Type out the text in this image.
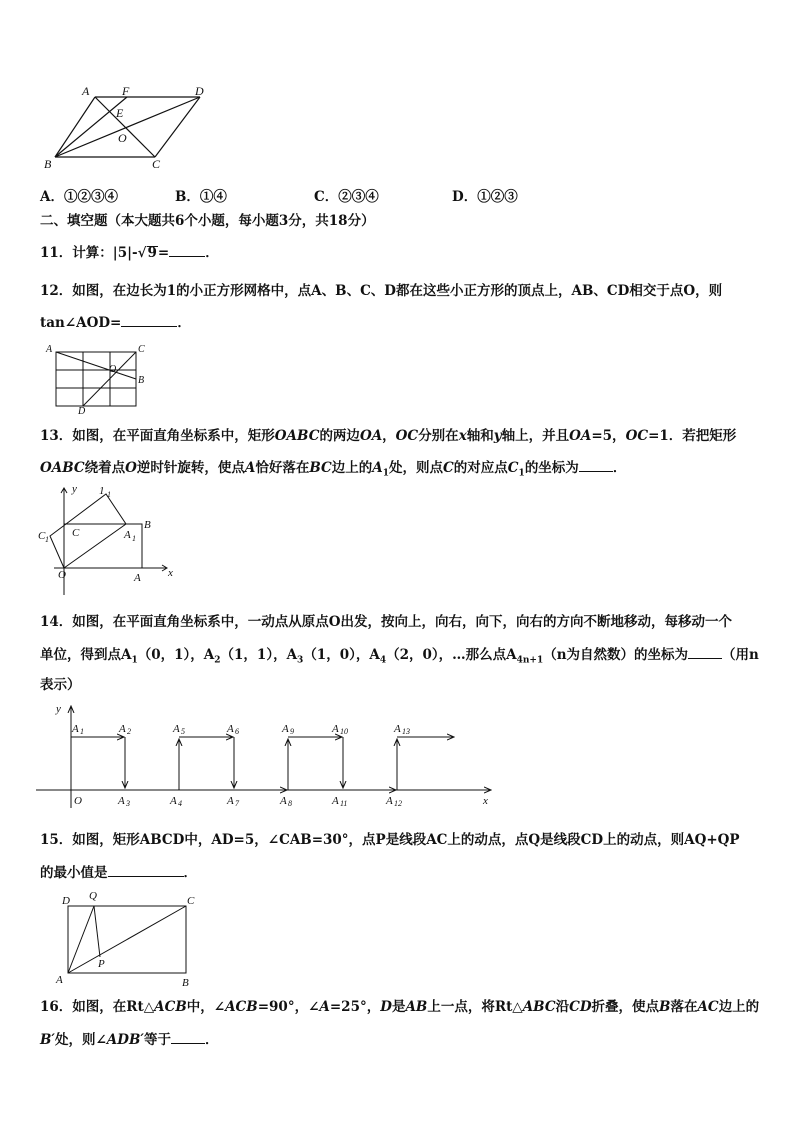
A	F	D
E
O
B	C
A．①②③④	B．①④	C．②③④	D．①②③
二、填空题（本大题共6个小题，每小题3分，共18分）
11．计算：|5|-√9=	．
12．如图，在边长为1的小正方形网格中，点A、B、C、D都在这些小正方形的顶点上，AB、CD相交于点O，则
tan∠AOD=	．
A	C
O
B
D
13．如图，在平面直角坐标系中，矩形OABC的两边OA，OC分别在x轴和y轴上，并且OA=5，OC=1．若把矩形
OABC绕着点O逆时针旋转，使点A恰好落在BC边上的$A_1$处，则点C的对应点$C_1$的坐标为	．
y 1 1
B
C
C 1	A 1
O	A x
14．如图，在平面直角坐标系中，一动点从原点O出发，按向上，向右，向下，向右的方向不断地移动，每移动一个
单位，得到点$A_1(0$，1），$A_2(1$，1），$A_3(1$，0），$A_4(2$，0），…那么点$A_{4n+1}(n$为自然数）的坐标为	（用n
表示）
y
A 1	A 2	A 5	A 6	A 9	A 10	A 13
O	A 3	A 4	A 7	A 8	A 11	A 12	x
15．如图，矩形ABCD中，AD=5，∠CAB=30°，点P是线段AC上的动点，点Q是线段CD上的动点，则AQ+QP
的最小值是	．
D Q	C
P
A	B
16．如图，在Rt△ACB中，∠ACB=90°，∠A=25°，D是AB上一点，将Rt△ABC沿CD折叠，使点B落在AC边上的
B′处，则∠ADB′等于	．
